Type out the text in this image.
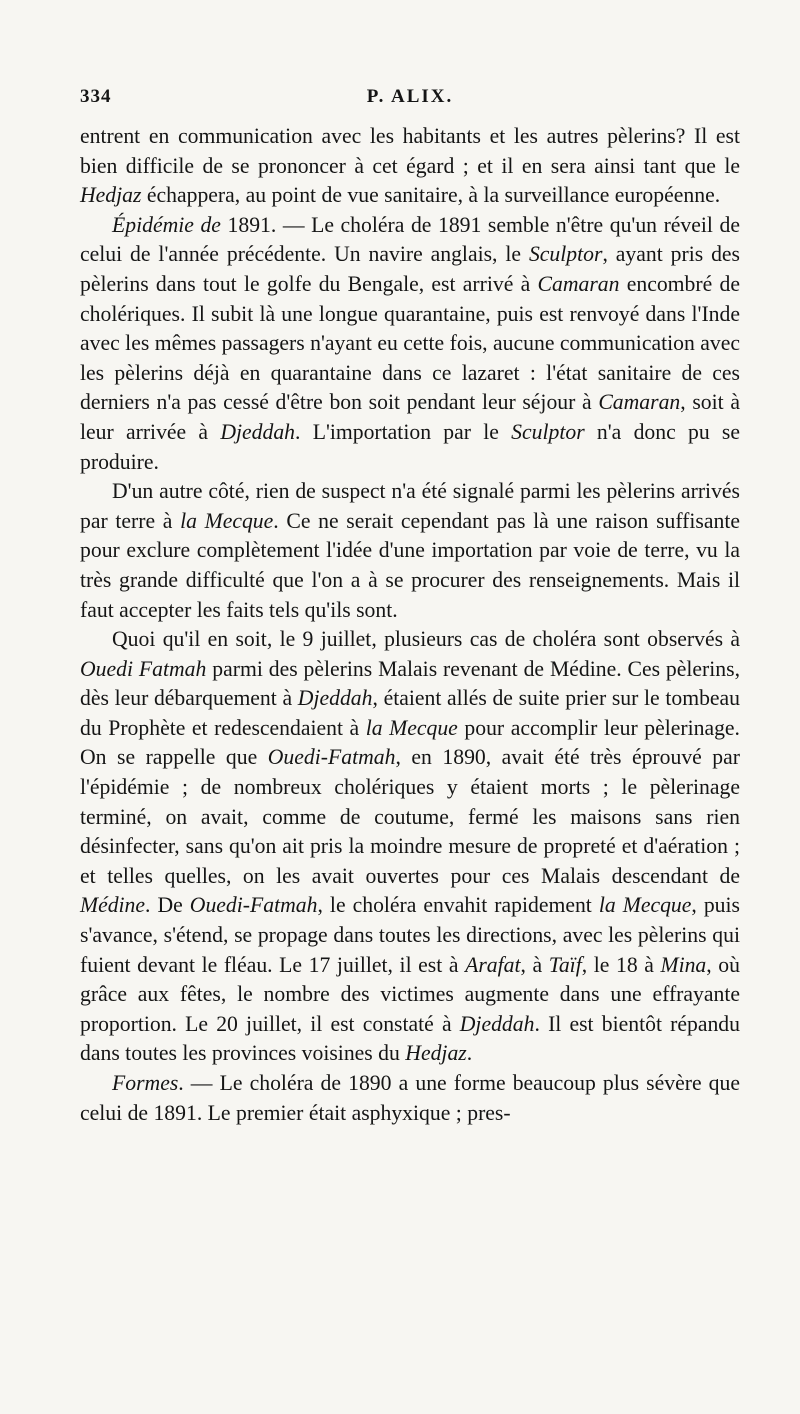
334	P. ALIX.

entrent en communication avec les habitants et les autres pèlerins? Il est bien difficile de se prononcer à cet égard ; et il en sera ainsi tant que le Hedjaz échappera, au point de vue sanitaire, à la surveillance européenne.

Épidémie de 1891. — Le choléra de 1891 semble n'être qu'un réveil de celui de l'année précédente. Un navire anglais, le Sculptor, ayant pris des pèlerins dans tout le golfe du Bengale, est arrivé à Camaran encombré de cholériques. Il subit là une longue quarantaine, puis est renvoyé dans l'Inde avec les mêmes passagers n'ayant eu cette fois, aucune communication avec les pèlerins déjà en quarantaine dans ce lazaret : l'état sanitaire de ces derniers n'a pas cessé d'être bon soit pendant leur séjour à Camaran, soit à leur arrivée à Djeddah. L'importation par le Sculptor n'a donc pu se produire.

D'un autre côté, rien de suspect n'a été signalé parmi les pèlerins arrivés par terre à la Mecque. Ce ne serait cependant pas là une raison suffisante pour exclure complètement l'idée d'une importation par voie de terre, vu la très grande difficulté que l'on a à se procurer des renseignements. Mais il faut accepter les faits tels qu'ils sont.

Quoi qu'il en soit, le 9 juillet, plusieurs cas de choléra sont observés à Ouedi Fatmah parmi des pèlerins Malais revenant de Médine. Ces pèlerins, dès leur débarquement à Djeddah, étaient allés de suite prier sur le tombeau du Prophète et redescendaient à la Mecque pour accomplir leur pèlerinage. On se rappelle que Ouedi-Fatmah, en 1890, avait été très éprouvé par l'épidémie ; de nombreux cholériques y étaient morts ; le pèlerinage terminé, on avait, comme de coutume, fermé les maisons sans rien désinfecter, sans qu'on ait pris la moindre mesure de propreté et d'aération ; et telles quelles, on les avait ouvertes pour ces Malais descendant de Médine. De Ouedi-Fatmah, le choléra envahit rapidement la Mecque, puis s'avance, s'étend, se propage dans toutes les directions, avec les pèlerins qui fuient devant le fléau. Le 17 juillet, il est à Arafat, à Taïf, le 18 à Mina, où grâce aux fêtes, le nombre des victimes augmente dans une effrayante proportion. Le 20 juillet, il est constaté à Djeddah. Il est bientôt répandu dans toutes les provinces voisines du Hedjaz.

Formes. — Le choléra de 1890 a une forme beaucoup plus sévère que celui de 1891. Le premier était asphyxique ; pres-
